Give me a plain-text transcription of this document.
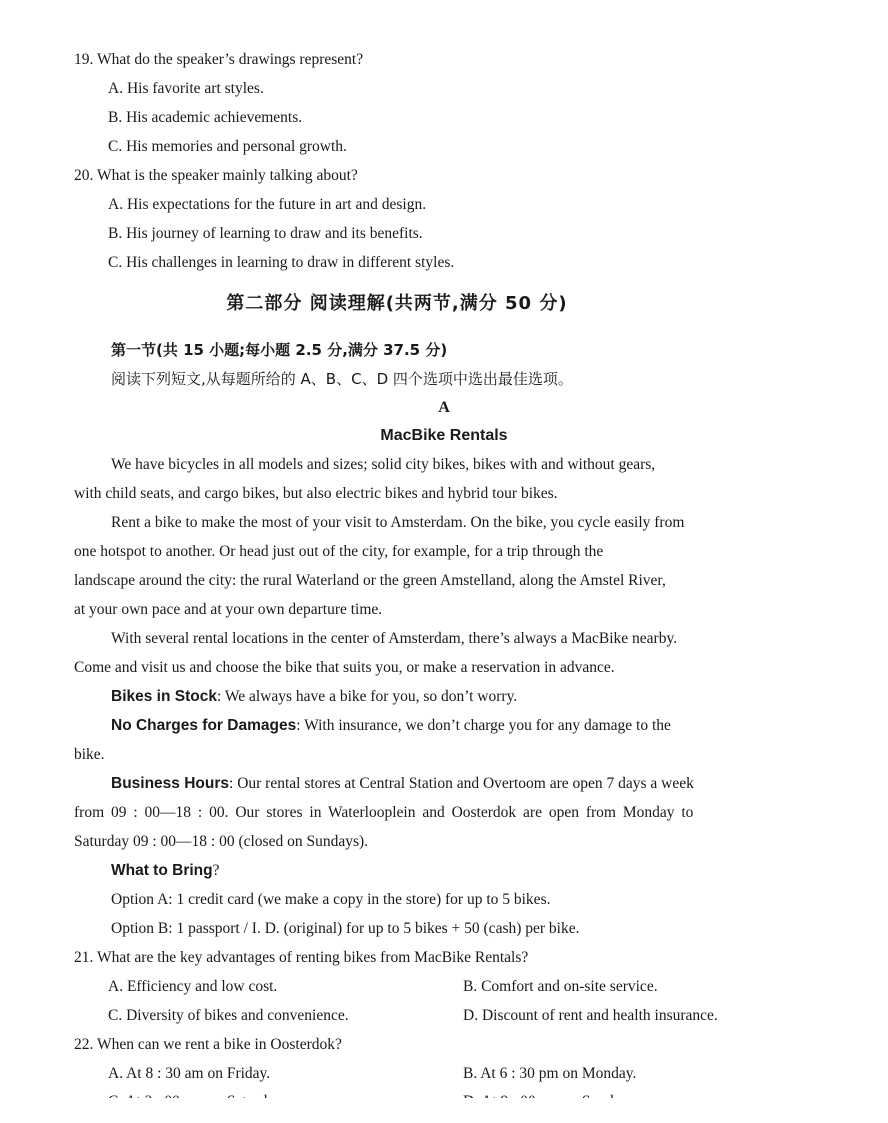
19. What do the speaker’s drawings represent?
A. His favorite art styles.
B. His academic achievements.
C. His memories and personal growth.
20. What is the speaker mainly talking about?
A. His expectations for the future in art and design.
B. His journey of learning to draw and its benefits.
C. His challenges in learning to draw in different styles.
第二部分 阅读理解(共两节,满分 50 分)
第一节(共 15 小题;每小题 2.5 分,满分 37.5 分)
阅读下列短文,从每题所给的 A、B、C、D 四个选项中选出最佳选项。
A
MacBike Rentals
We have bicycles in all models and sizes; solid city bikes, bikes with and without gears,
with child seats, and cargo bikes, but also electric bikes and hybrid tour bikes.
Rent a bike to make the most of your visit to Amsterdam. On the bike, you cycle easily from
one hotspot to another. Or head just out of the city, for example, for a trip through the
landscape around the city: the rural Waterland or the green Amstelland, along the Amstel River,
at your own pace and at your own departure time.
With several rental locations in the center of Amsterdam, there’s always a MacBike nearby.
Come and visit us and choose the bike that suits you, or make a reservation in advance.
Bikes in Stock: We always have a bike for you, so don’t worry.
No Charges for Damages: With insurance, we don’t charge you for any damage to the
bike.
Business Hours: Our rental stores at Central Station and Overtoom are open 7 days a week
from 09 : 00—18 : 00. Our stores in Waterlooplein and Oosterdok are open from Monday to
Saturday 09 : 00—18 : 00 (closed on Sundays).
What to Bring?
Option A: 1 credit card (we make a copy in the store) for up to 5 bikes.
Option B: 1 passport / I. D. (original) for up to 5 bikes + 50 (cash) per bike.
21. What are the key advantages of renting bikes from MacBike Rentals?
A. Efficiency and low cost.	B. Comfort and on-site service.
C. Diversity of bikes and convenience.	D. Discount of rent and health insurance.
22. When can we rent a bike in Oosterdok?
A. At 8 : 30 am on Friday.	B. At 6 : 30 pm on Monday.
